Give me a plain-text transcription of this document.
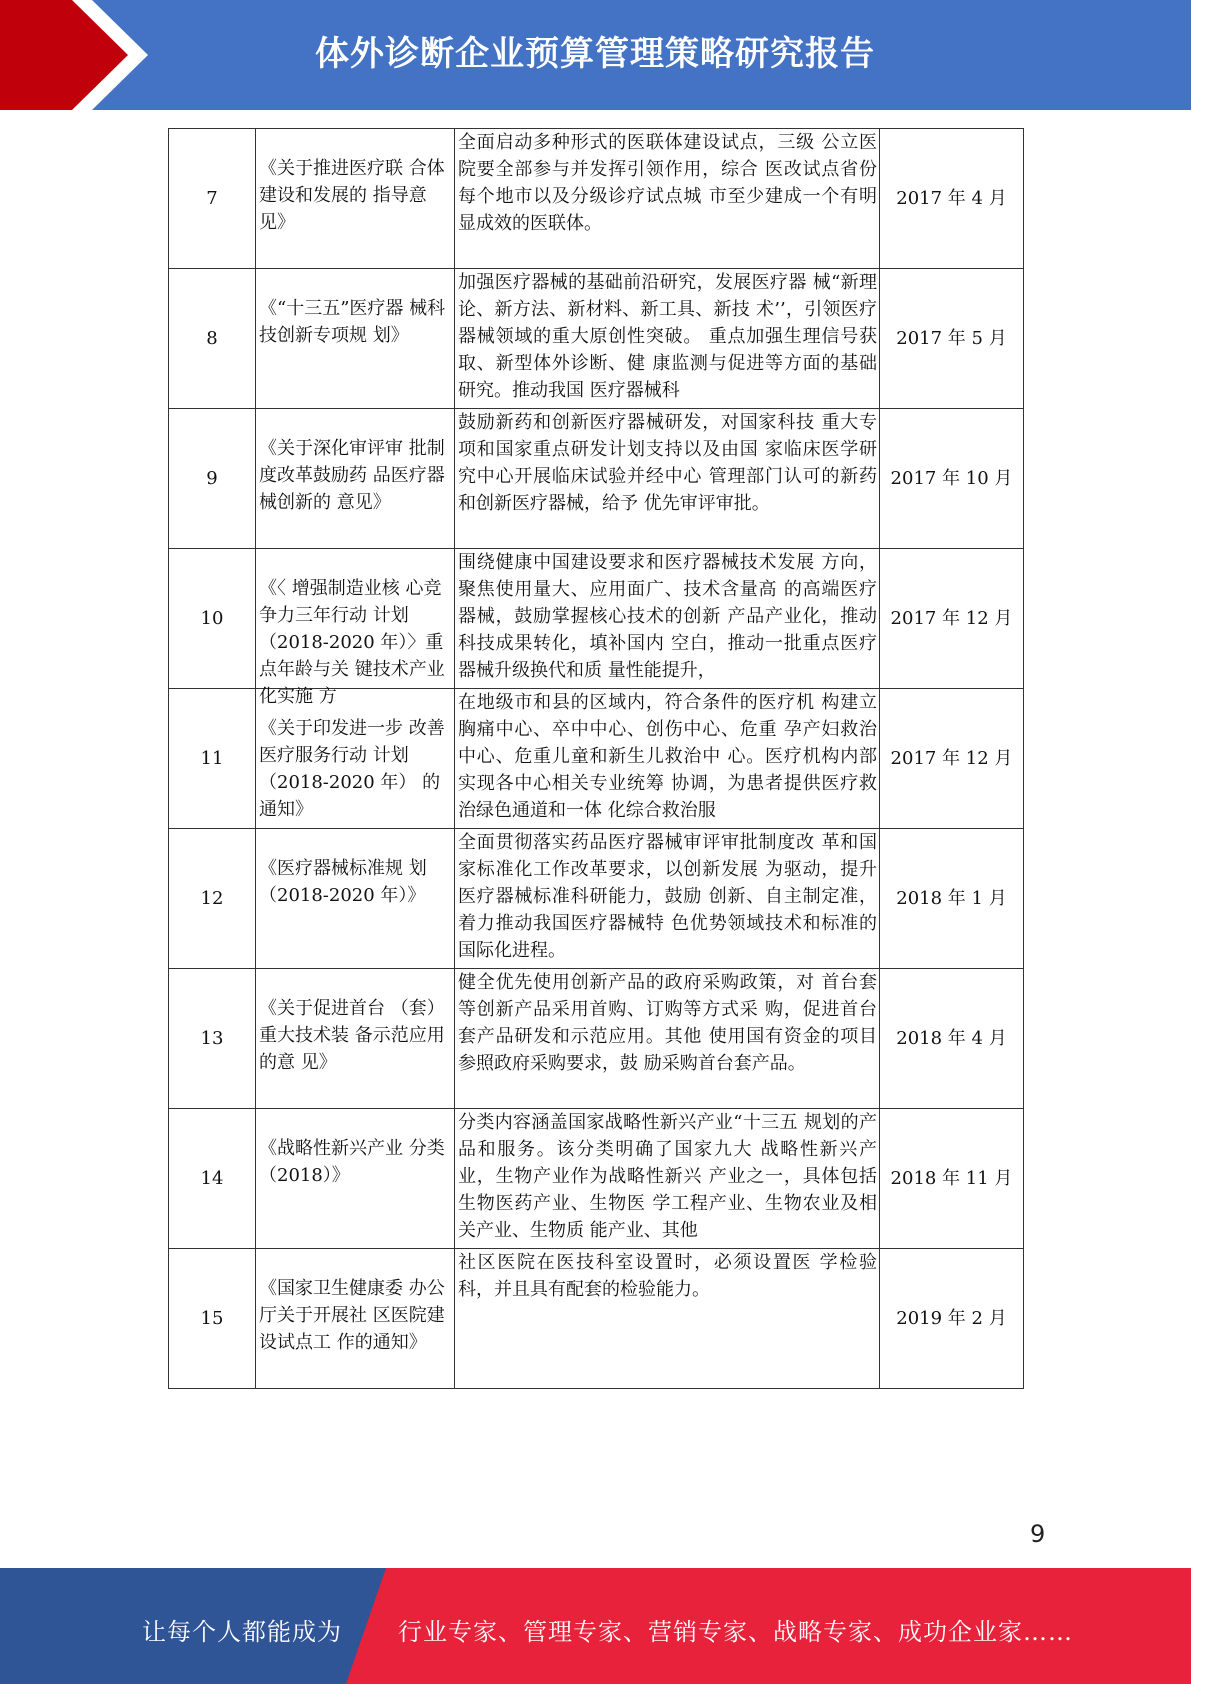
体外诊断企业预算管理策略研究报告
7	《关于推进医疗联 合体建设和发展的 指导意见》	全面启动多种形式的医联体建设试点，三级 公立医院要全部参与并发挥引领作用，综合 医改试点省份每个地市以及分级诊疗试点城 市至少建成一个有明显成效的医联体。	2017 年 4 月
8	《“十三五”医疗器 械科技创新专项规 划》	加强医疗器械的基础前沿研究，发展医疗器 械“新理论、新方法、新材料、新工具、新技 术’’，引领医疗器械领域的重大原创性突破。 重点加强生理信号获取、新型体外诊断、健 康监测与促进等方面的基础研究。推动我国 医疗器械科	2017 年 5 月
9	《关于深化审评审 批制度改革鼓励药 品医疗器械创新的 意见》	鼓励新药和创新医疗器械研发，对国家科技 重大专项和国家重点研发计划支持以及由国 家临床医学研究中心开展临床试验并经中心 管理部门认可的新药和创新医疗器械，给予 优先审评审批。	2017 年 10 月
10	《〈 增强制造业核 心竞争力三年行动 计划 （2018-2020 年）〉重点年龄与关 键技术产业化实施 方	围绕健康中国建设要求和医疗器械技术发展 方向，聚焦使用量大、应用面广、技术含量高 的高端医疗器械，鼓励掌握核心技术的创新 产品产业化，推动科技成果转化，填补国内 空白，推动一批重点医疗器械升级换代和质 量性能提升，	2017 年 12 月
11	《关于印发进一步 改善医疗服务行动 计划（2018-2020 年） 的通知》	在地级市和县的区域内，符合条件的医疗机 构建立胸痛中心、卒中中心、创伤中心、危重 孕产妇救治中心、危重儿童和新生儿救治中 心。医疗机构内部实现各中心相关专业统筹 协调，为患者提供医疗救治绿色通道和一体 化综合救治服	2017 年 12 月
12	《医疗器械标准规 划（2018-2020 年）》	全面贯彻落实药品医疗器械审评审批制度改 革和国家标准化工作改革要求，以创新发展 为驱动，提升医疗器械标准科研能力，鼓励 创新、自主制定准，着力推动我国医疗器械特 色优势领域技术和标准的国际化进程。	2018 年 1 月
13	《关于促进首台 （套）重大技术装 备示范应用的意 见》	健全优先使用创新产品的政府采购政策，对 首台套等创新产品采用首购、订购等方式采 购，促进首台套产品研发和示范应用。其他 使用国有资金的项目参照政府采购要求，鼓 励采购首台套产品。	2018 年 4 月
14	《战略性新兴产业 分类（2018）》	分类内容涵盖国家战略性新兴产业“十三五 规划的产品和服务。该分类明确了国家九大 战略性新兴产业，生物产业作为战略性新兴 产业之一，具体包括生物医药产业、生物医 学工程产业、生物农业及相关产业、生物质 能产业、其他	2018 年 11 月
15	《国家卫生健康委 办公厅关于开展社 区医院建设试点工 作的通知》	社区医院在医技科室设置时，必须设置医 学检验科，并且具有配套的检验能力。	2019 年 2 月
9
让每个人都能成为	行业专家、管理专家、营销专家、战略专家、成功企业家……
